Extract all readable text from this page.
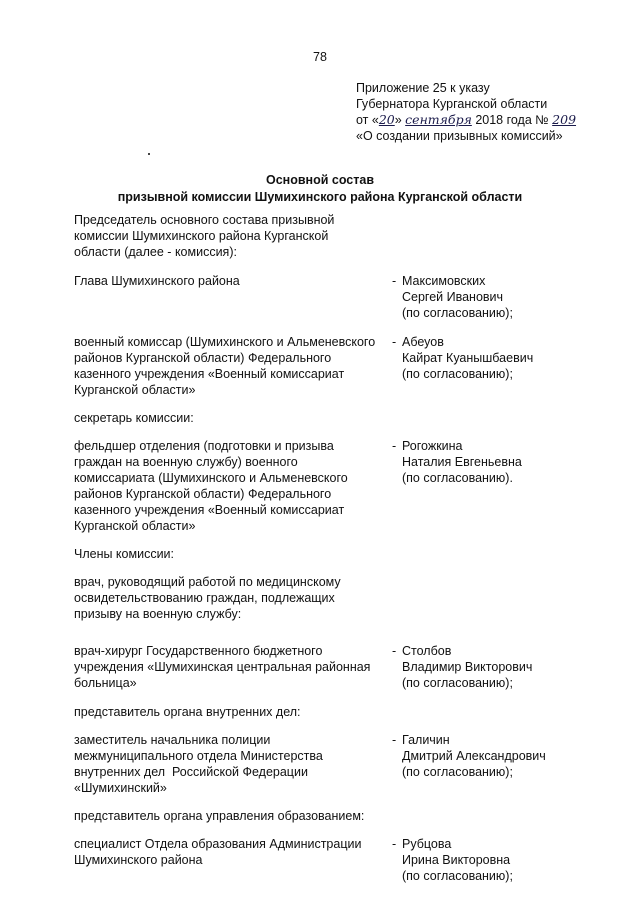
78
Приложение 25 к указу
Губернатора Курганской области
от «20» сентября 2018 года № 209
«О создании призывных комиссий»
Основной состав
призывной комиссии Шумихинского района Курганской области
Председатель основного состава призывной
комиссии Шумихинского района Курганской
области (далее - комиссия):
Глава Шумихинского района	- Максимовских
Сергей Иванович
(по согласованию);
военный комиссар (Шумихинского и Альменевского
районов Курганской области) Федерального
казенного учреждения «Военный комиссариат
Курганской области»
- Абеуов
Кайрат Куанышбаевич
(по согласованию);
секретарь комиссии:
фельдшер отделения (подготовки и призыва
граждан на военную службу) военного
комиссариата (Шумихинского и Альменевского
районов Курганской области) Федерального
казенного учреждения «Военный комиссариат
Курганской области»
- Рогожкина
Наталия Евгеньевна
(по согласованию).
Члены комиссии:
врач, руководящий работой по медицинскому
освидетельствованию граждан, подлежащих
призыву на военную службу:
врач-хирург Государственного бюджетного
учреждения «Шумихинская центральная районная
больница»
- Столбов
Владимир Викторович
(по согласованию);
представитель органа внутренних дел:
заместитель начальника полиции
межмуниципального отдела Министерства
внутренних дел  Российской Федерации
«Шумихинский»
- Галичин
Дмитрий Александрович
(по согласованию);
представитель органа управления образованием:
специалист Отдела образования Администрации
Шумихинского района
- Рубцова
Ирина Викторовна
(по согласованию);
